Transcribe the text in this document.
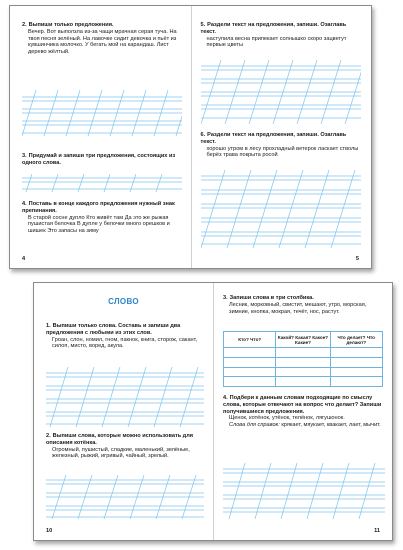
2. Выпиши только предложения.
Вечер. Вот выползла из-за чащи мрачная серая туча. На твоя песня зелёный. На лавочке сидит девочка и пьёт из кувшинчика молочко. У бегать мой на карандаш. Лист дерево жёлтый.
3. Придумай и запиши три предложения, состоящих из одного слова.
4. Поставь в конце каждого предложения нужный знак препинания.
В старой сосне дупло Кто живёт там Да это же рыжая пушистая белочка В дупле у белочки много орешков и шишек Это запасы на зиму
4
5. Раздели текст на предложения, запиши. Озаглавь текст.
наступила весна припекает солнышко скоро зацветут первые цветы
6. Раздели текст на предложения, запиши. Озаглавь текст.
хорошо утром в лесу прохладный ветерок ласкает стволы берёз трава покрыта росой
5
СЛОВО
1. Выпиши только слова. Составь и запиши два предложения с любыми из этих слов.
Гроан, слон, номил, гном, пакнок, книга, сторож, сакант, силоп, мисто, воред, акула.
2. Выпиши слова, которые можно использовать для описания котёнка.
Огромный, пушистый, сладкие, маленький, зелёные, железный, рыжий, игривый, чайный, зрелый.
10
3. Запиши слова в три столбика.
Лесник, морковный, свистит, мешают, утро, морская, зимние, кнопка, мокрая, течёт, нос, растут.
Кто? Что?	Какой? Какая? Какое? Какие?	Что делает? Что делают?

4. Подбери к данным словам подходящие по смыслу слова, которые отвечают на вопрос что делает? Запиши получившиеся предложения.
Щенок, котёнок, утёнок, телёнок, лягушонок.
Слова для справок: крякает, мяукает, квакает, лает, мычит.
11
